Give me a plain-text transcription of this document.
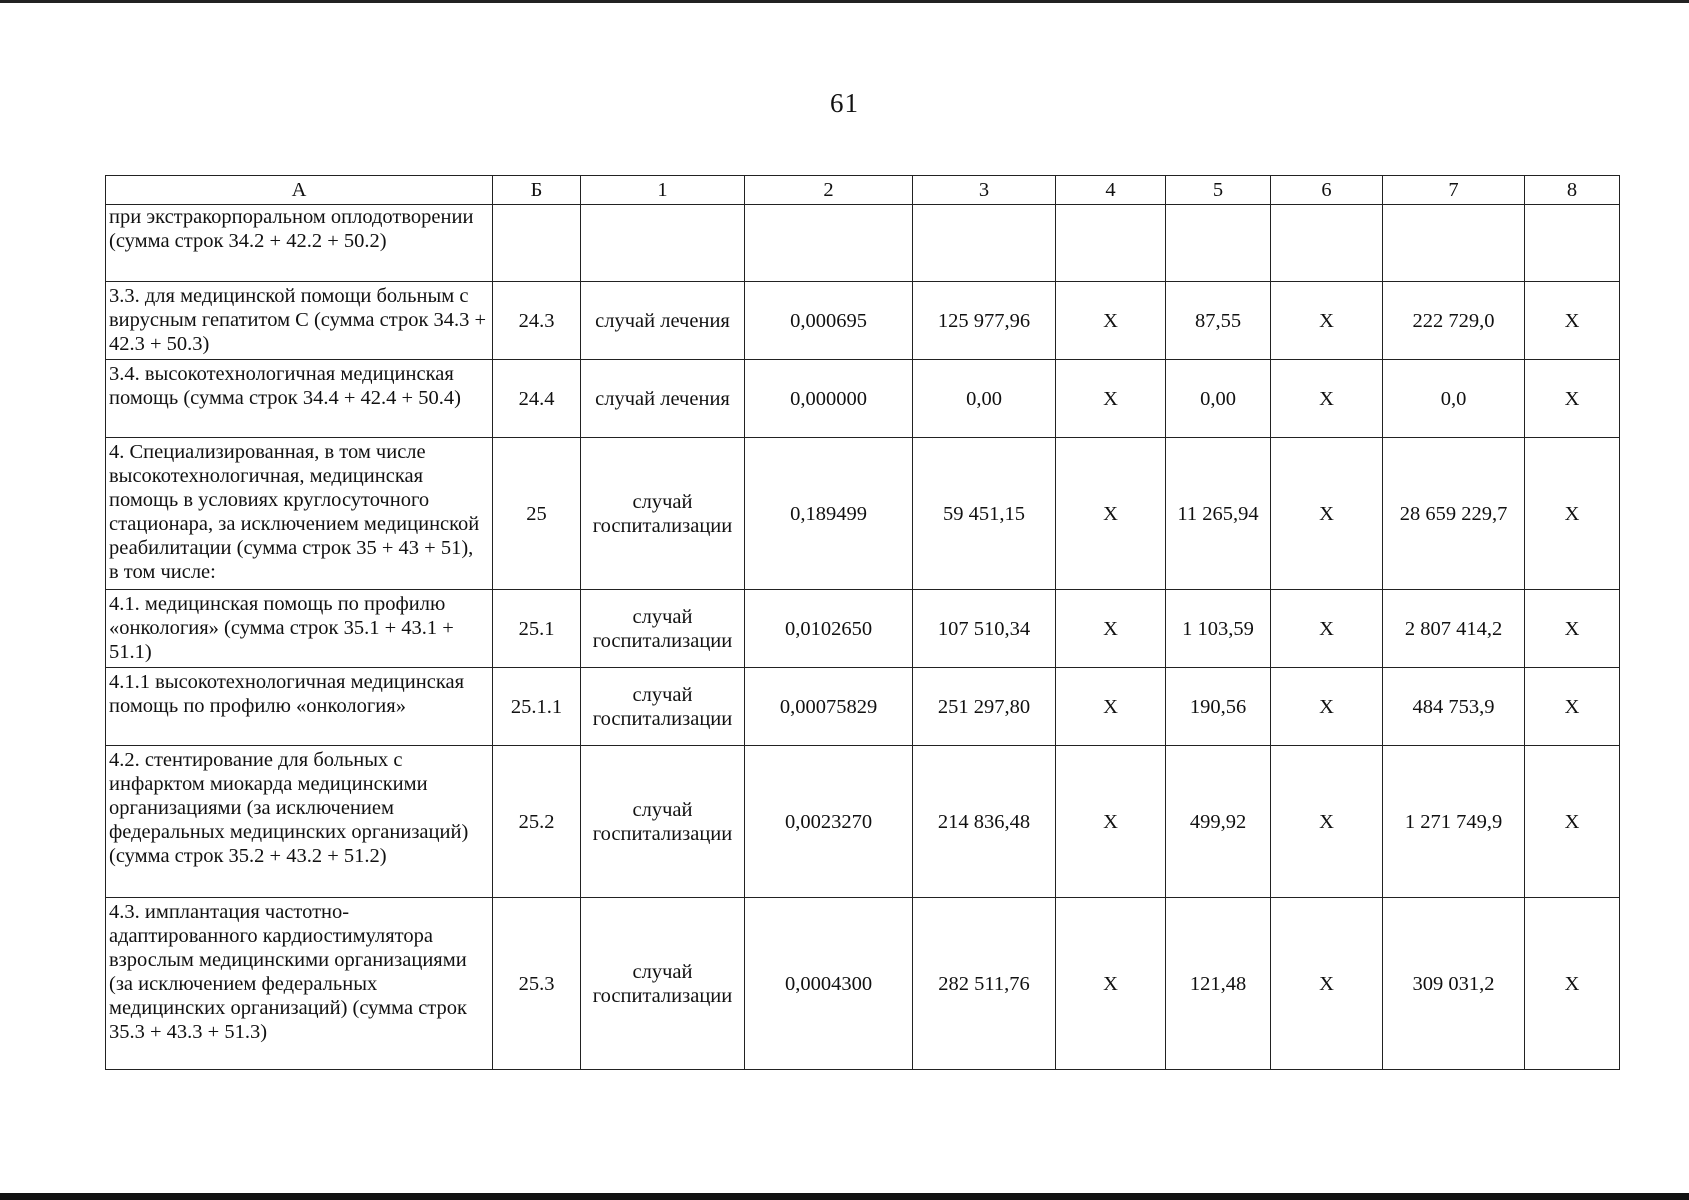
61
А	Б	1	2	3	4	5	6	7	8
при экстракорпоральном оплодотворении (сумма строк 34.2 + 42.2 + 50.2)									
3.3. для медицинской помощи больным с вирусным гепатитом С (сумма строк 34.3 + 42.3 + 50.3)	24.3	случай лечения	0,000695	125 977,96	Х	87,55	Х	222 729,0	Х
3.4. высокотехнологичная медицинская помощь (сумма строк 34.4 + 42.4 + 50.4)	24.4	случай лечения	0,000000	0,00	Х	0,00	Х	0,0	Х
4. Специализированная, в том числе высокотехнологичная, медицинская помощь в условиях круглосуточного стационара, за исключением медицинской реабилитации (сумма строк 35 + 43 + 51), в том числе:	25	случай госпитализации	0,189499	59 451,15	Х	11 265,94	Х	28 659 229,7	Х
4.1. медицинская помощь по профилю «онкология» (сумма строк 35.1 + 43.1 + 51.1)	25.1	случай госпитализации	0,0102650	107 510,34	Х	1 103,59	Х	2 807 414,2	Х
4.1.1 высокотехнологичная медицинская помощь по профилю «онкология»	25.1.1	случай госпитализации	0,00075829	251 297,80	Х	190,56	Х	484 753,9	Х
4.2. стентирование для больных с инфарктом миокарда медицинскими организациями (за исключением федеральных медицинских организаций) (сумма строк 35.2 + 43.2 + 51.2)	25.2	случай госпитализации	0,0023270	214 836,48	Х	499,92	Х	1 271 749,9	Х
4.3. имплантация частотно-адаптированного кардиостимулятора взрослым медицинскими организациями (за исключением федеральных медицинских организаций) (сумма строк 35.3 + 43.3 + 51.3)	25.3	случай госпитализации	0,0004300	282 511,76	Х	121,48	Х	309 031,2	Х
